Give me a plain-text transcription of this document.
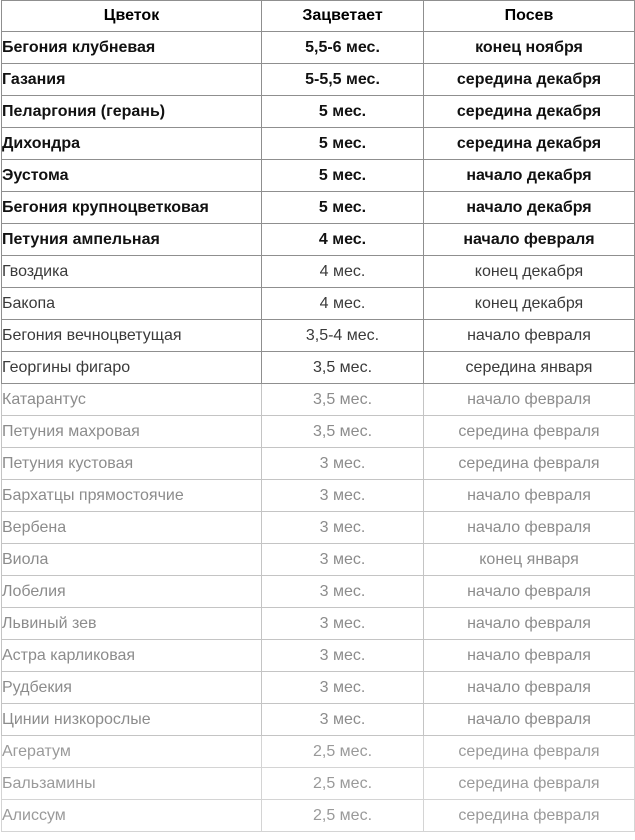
Цветок	Зацветает	Посев
Бегония клубневая	5,5-6 мес.	конец ноября
Газания	5-5,5 мес.	середина декабря
Пеларгония (герань)	5 мес.	середина декабря
Дихондра	5 мес.	середина декабря
Эустома	5 мес.	начало декабря
Бегония крупноцветковая	5 мес.	начало декабря
Петуния ампельная	4 мес.	начало февраля
Гвоздика	4 мес.	конец декабря
Бакопа	4 мес.	конец декабря
Бегония вечноцветущая	3,5-4 мес.	начало февраля
Георгины фигаро	3,5 мес.	середина января
Катарантус	3,5 мес.	начало февраля
Петуния махровая	3,5 мес.	середина февраля
Петуния кустовая	3 мес.	середина февраля
Бархатцы прямостоячие	3 мес.	начало февраля
Вербена	3 мес.	начало февраля
Виола	3 мес.	конец января
Лобелия	3 мес.	начало февраля
Львиный зев	3 мес.	начало февраля
Астра карликовая	3 мес.	начало февраля
Рудбекия	3 мес.	начало февраля
Цинии низкорослые	3 мес.	начало февраля
Агератум	2,5 мес.	середина февраля
Бальзамины	2,5 мес.	середина февраля
Алиссум	2,5 мес.	середина февраля
